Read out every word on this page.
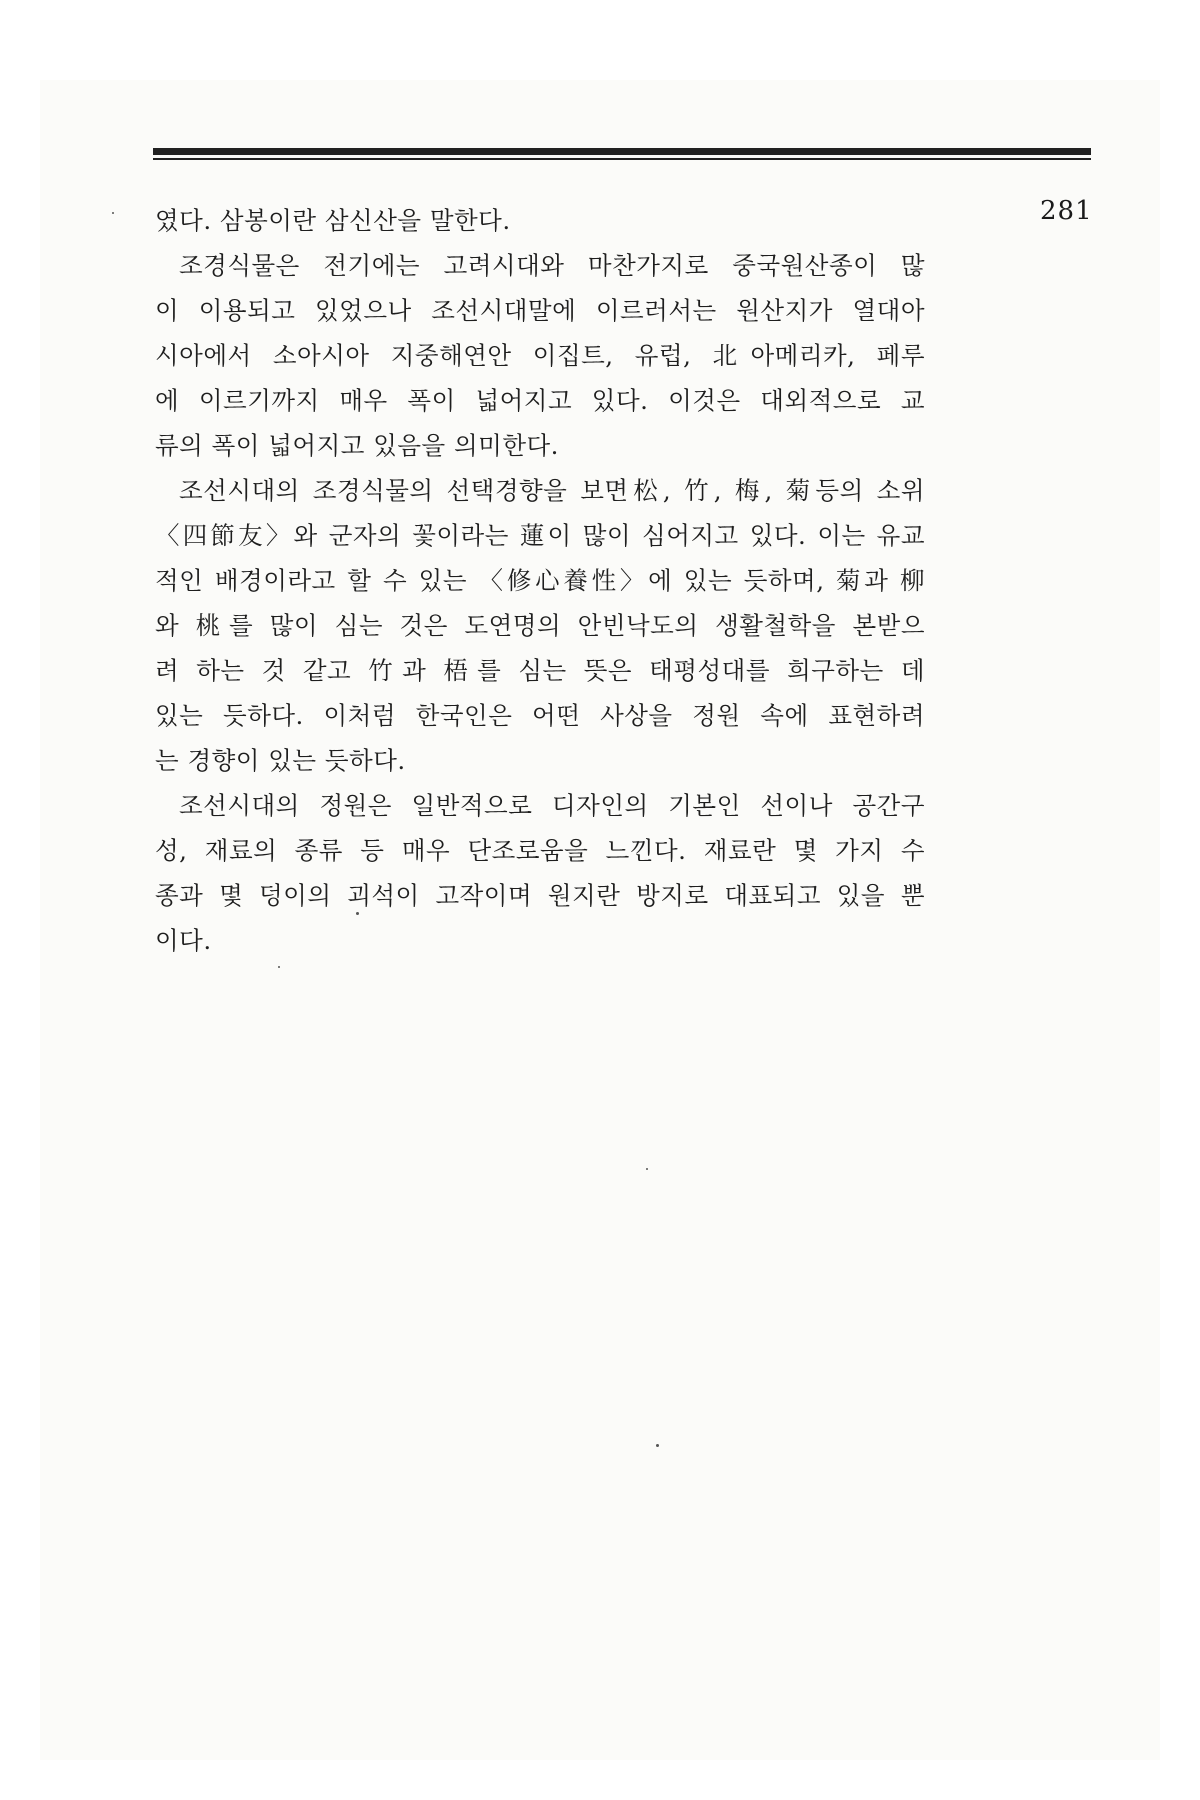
281
였다. 삼봉이란 삼신산을 말한다.
조경식물은 전기에는 고려시대와 마찬가지로 중국원산종이 많
이 이용되고 있었으나 조선시대말에 이르러서는 원산지가 열대아
시아에서 소아시아 지중해연안 이집트, 유럽, 北아메리카, 페루
에 이르기까지 매우 폭이 넓어지고 있다. 이것은 대외적으로 교
류의 폭이 넓어지고 있음을 의미한다.
조선시대의 조경식물의 선택경향을 보면松, 竹, 梅, 菊등의 소위
〈四節友〉와 군자의 꽃이라는 蓮이 많이 심어지고 있다. 이는 유교
적인 배경이라고 할 수 있는 〈修心養性〉에 있는 듯하며, 菊과 柳
와 桃를 많이 심는 것은 도연명의 안빈낙도의 생활철학을 본받으
려 하는 것 같고 竹과 梧를 심는 뜻은 태평성대를 희구하는 데
있는 듯하다. 이처럼 한국인은 어떤 사상을 정원 속에 표현하려
는 경향이 있는 듯하다.
조선시대의 정원은 일반적으로 디자인의 기본인 선이나 공간구
성, 재료의 종류 등 매우 단조로움을 느낀다. 재료란 몇 가지 수
종과 몇 덩이의 괴석이 고작이며 원지란 방지로 대표되고 있을 뿐
이다.
